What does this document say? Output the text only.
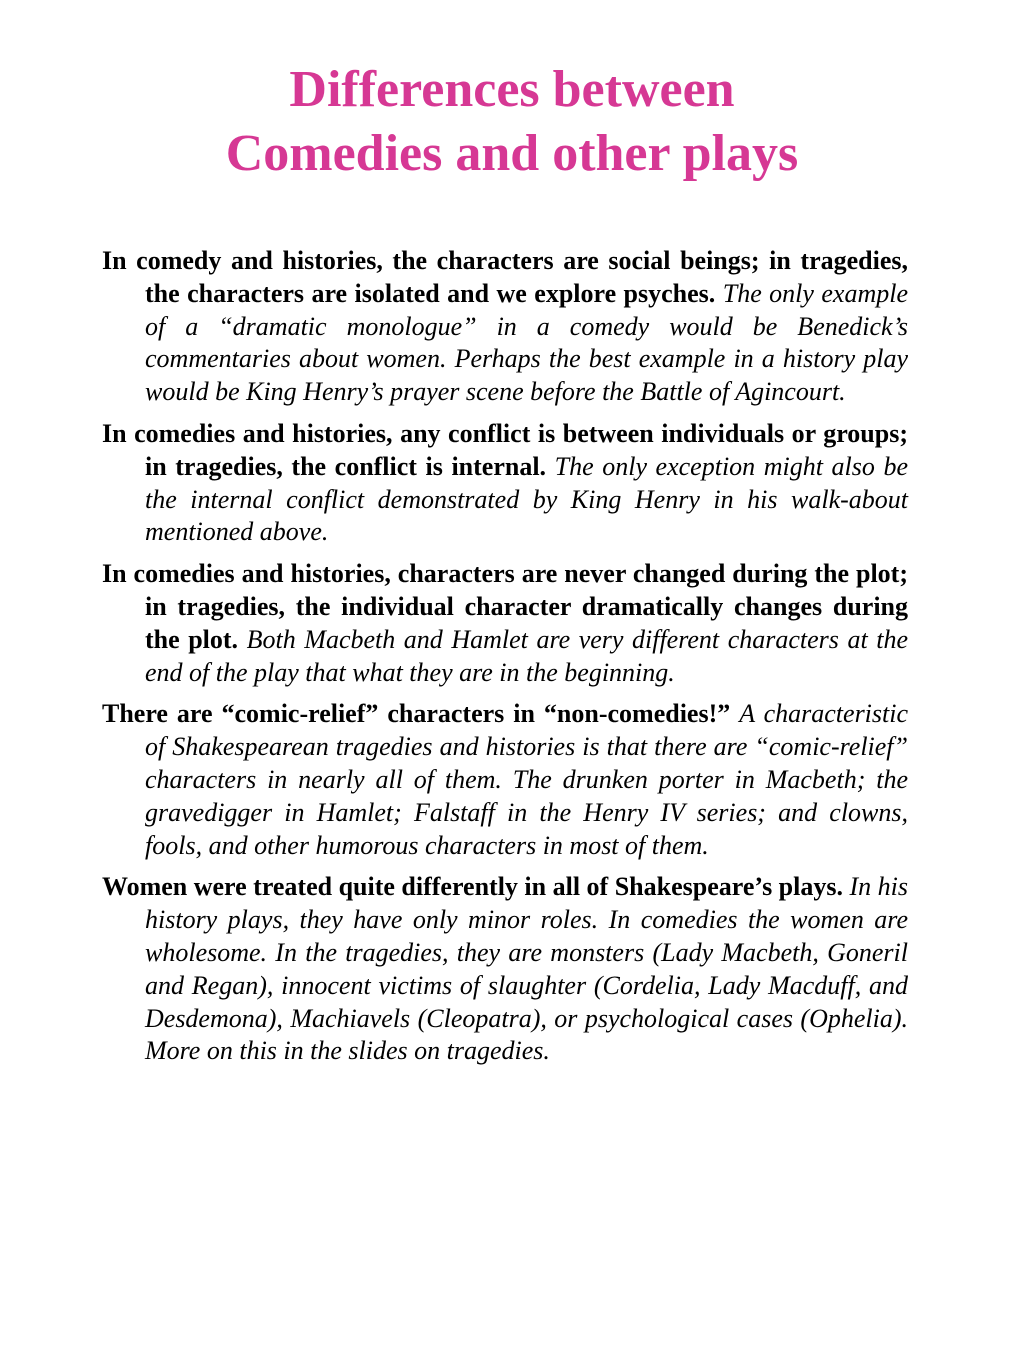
Differences between
Comedies and other plays
In comedy and histories, the characters are social beings; in tragedies, the characters are isolated and we explore psyches. The only example of a “dramatic monologue” in a comedy would be Benedick’s commentaries about women. Perhaps the best example in a history play would be King Henry’s prayer scene before the Battle of Agincourt.
In comedies and histories, any conflict is between individuals or groups; in tragedies, the conflict is internal. The only exception might also be the internal conflict demonstrated by King Henry in his walk-about mentioned above.
In comedies and histories, characters are never changed during the plot; in tragedies, the individual character dramatically changes during the plot. Both Macbeth and Hamlet are very different characters at the end of the play that what they are in the beginning.
There are “comic-relief” characters in “non-comedies!” A characteristic of Shakespearean tragedies and histories is that there are “comic-relief” characters in nearly all of them. The drunken porter in Macbeth; the gravedigger in Hamlet; Falstaff in the Henry IV series; and clowns, fools, and other humorous characters in most of them.
Women were treated quite differently in all of Shakespeare’s plays. In his history plays, they have only minor roles. In comedies the women are wholesome. In the tragedies, they are monsters (Lady Macbeth, Goneril and Regan), innocent victims of slaughter (Cordelia, Lady Macduff, and Desdemona), Machiavels (Cleopatra), or psychological cases (Ophelia). More on this in the slides on tragedies.
